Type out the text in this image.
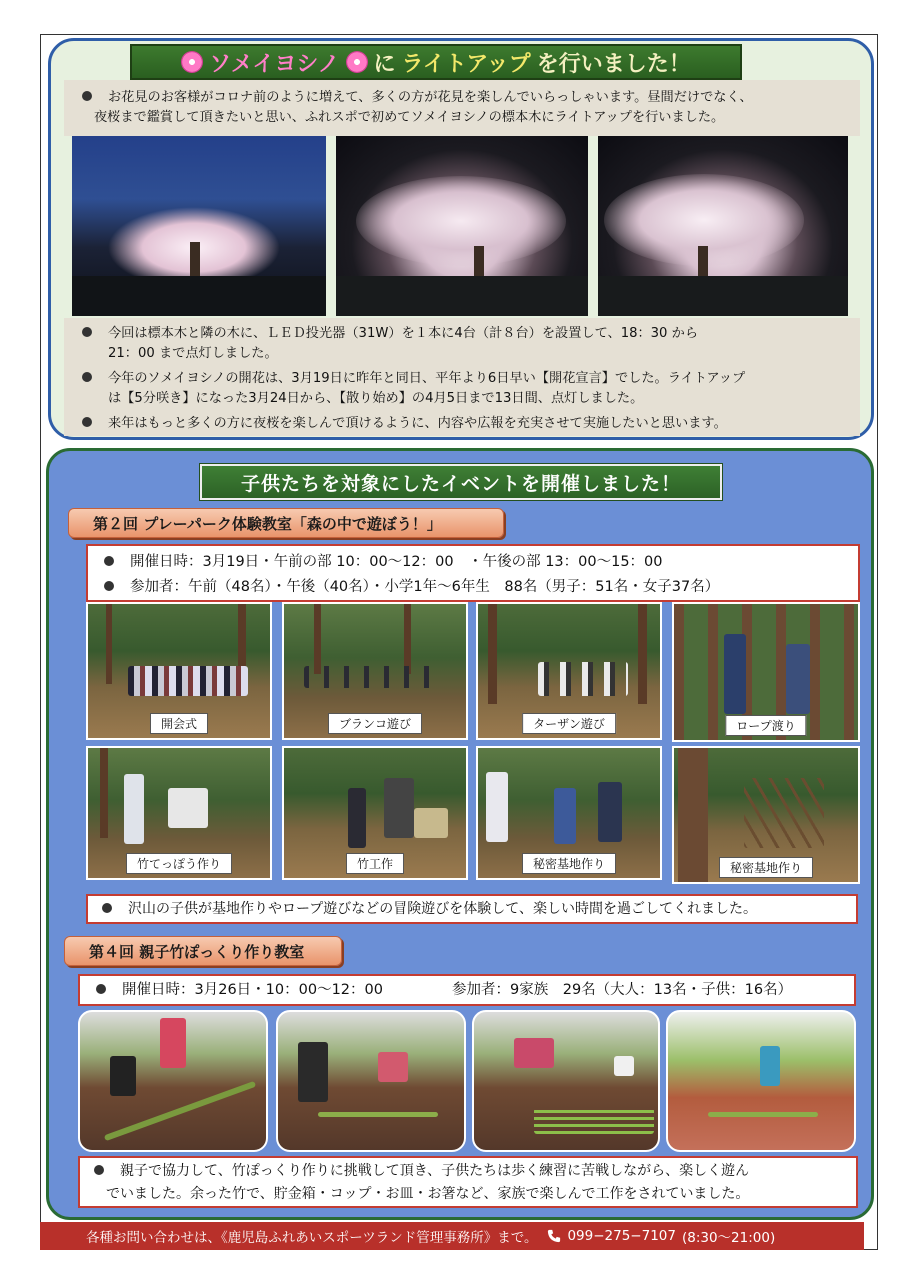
ソメイヨシノ に ライトアップ を行いました！
お花見のお客様がコロナ前のように増えて、多くの方が花見を楽しんでいらっしゃいます。昼間だけでなく、
夜桜まで鑑賞して頂きたいと思い、ふれスポで初めてソメイヨシノの標本木にライトアップを行いました。
今回は標本木と隣の木に、ＬＥＤ投光器（31W）を１本に4台（計８台）を設置して、18：30 から
21：00 まで点灯しました。
今年のソメイヨシノの開花は、3月19日に昨年と同日、平年より6日早い【開花宣言】でした。ライトアップ
は【5分咲き】になった3月24日から、【散り始め】の4月5日まで13日間、点灯しました。
来年はもっと多くの方に夜桜を楽しんで頂けるように、内容や広報を充実させて実施したいと思います。
子供たちを対象にしたイベントを開催しました！
第２回 プレーパーク体験教室「森の中で遊ぼう！」
開催日時：3月19日・午前の部 10：00〜12：00　・午後の部 13：00〜15：00
参加者：午前（48名）・午後（40名）・小学1年〜6年生　88名（男子：51名・女子37名）
開会式	ブランコ遊び	ターザン遊び	ロープ渡り
竹てっぽう作り	竹工作	秘密基地作り	秘密基地作り
沢山の子供が基地作りやロープ遊びなどの冒険遊びを体験して、楽しい時間を過ごしてくれました。
第４回 親子竹ぽっくり作り教室
開催日時：3月26日・10：00〜12：00	参加者：9家族　29名（大人：13名・子供：16名）
親子で協力して、竹ぽっくり作りに挑戦して頂き、子供たちは歩く練習に苦戦しながら、楽しく遊ん
でいました。余った竹で、貯金箱・コップ・お皿・お箸など、家族で楽しんで工作をされていました。
各種お問い合わせは、《鹿児島ふれあいスポーツランド管理事務所》まで。 099−275−7107 (8:30〜21:00)
